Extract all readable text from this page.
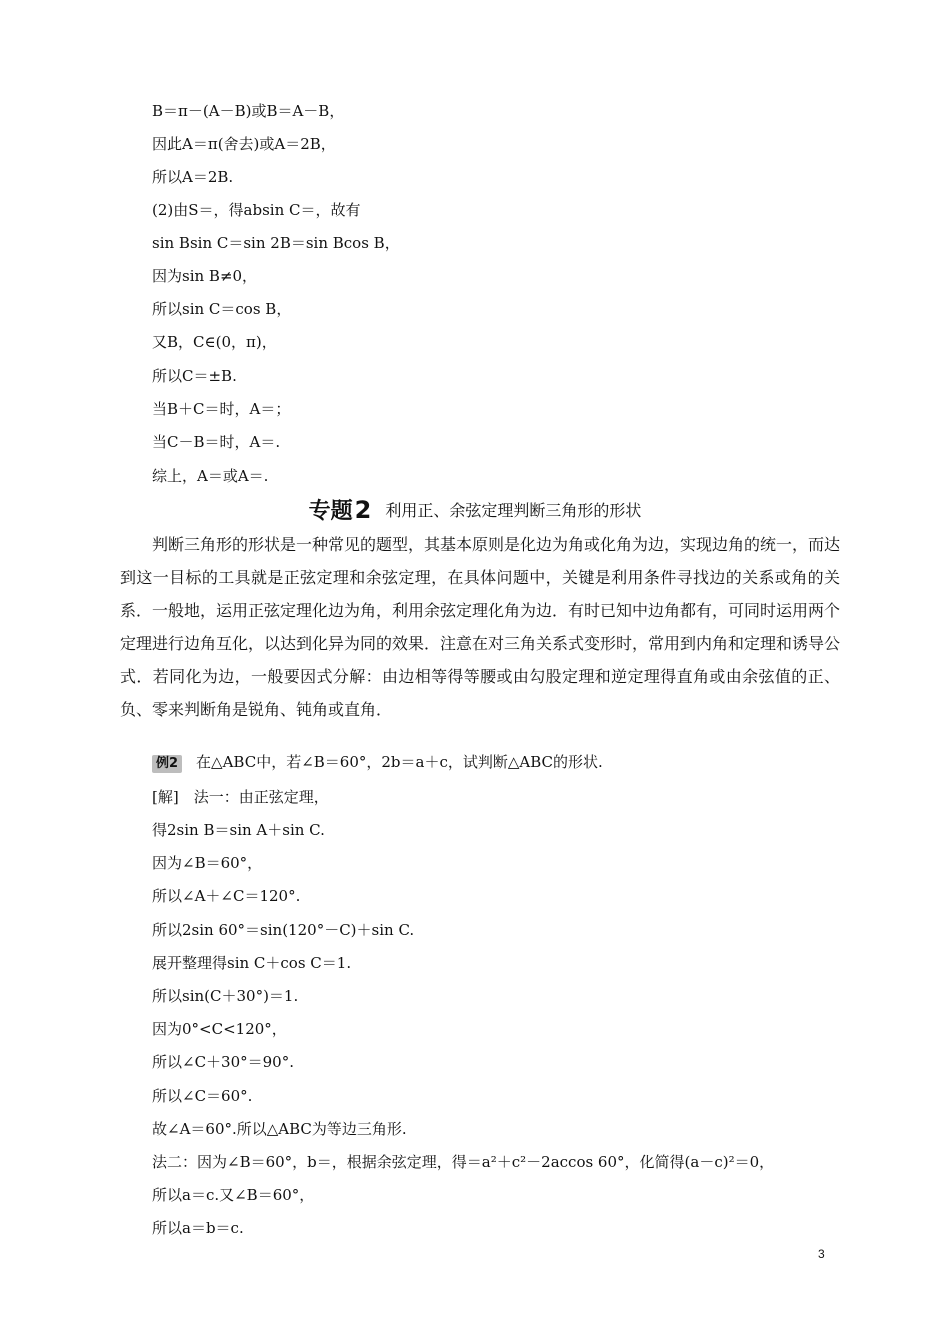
B＝π－(A－B)或B＝A－B，
因此A＝π(舍去)或A＝2B，
所以A＝2B.
(2)由S＝，得absin C＝，故有
sin Bsin C＝sin 2B＝sin Bcos B，
因为sin B≠0，
所以sin C＝cos B，
又B，C∈(0，π)，
所以C＝±B.
当B＋C＝时，A＝；
当C－B＝时，A＝.
综上，A＝或A＝.
专题2 利用正、余弦定理判断三角形的形状

判断三角形的形状是一种常见的题型，其基本原则是化边为角或化角为边，实现边角的统一，而达到这一目标的工具就是正弦定理和余弦定理，在具体问题中，关键是利用条件寻找边的关系或角的关系．一般地，运用正弦定理化边为角，利用余弦定理化角为边．有时已知中边角都有，可同时运用两个定理进行边角互化，以达到化异为同的效果．注意在对三角关系式变形时，常用到内角和定理和诱导公式．若同化为边，一般要因式分解：由边相等得等腰或由勾股定理和逆定理得直角或由余弦值的正、负、零来判断角是锐角、钝角或直角．

例2 在△ABC中，若∠B＝60°，2b＝a＋c，试判断△ABC的形状.
[解]　法一：由正弦定理，
得2sin B＝sin A＋sin C.
因为∠B＝60°，
所以∠A＋∠C＝120°.
所以2sin 60°＝sin(120°－C)＋sin C.
展开整理得sin C＋cos C＝1.
所以sin(C＋30°)＝1.
因为0°<C<120°，
所以∠C＋30°＝90°.
所以∠C＝60°.
故∠A＝60°.所以△ABC为等边三角形.
法二：因为∠B＝60°，b＝，根据余弦定理，得＝a²＋c²－2accos 60°，化简得(a－c)²＝0，
所以a＝c.又∠B＝60°，
所以a＝b＝c.
3
